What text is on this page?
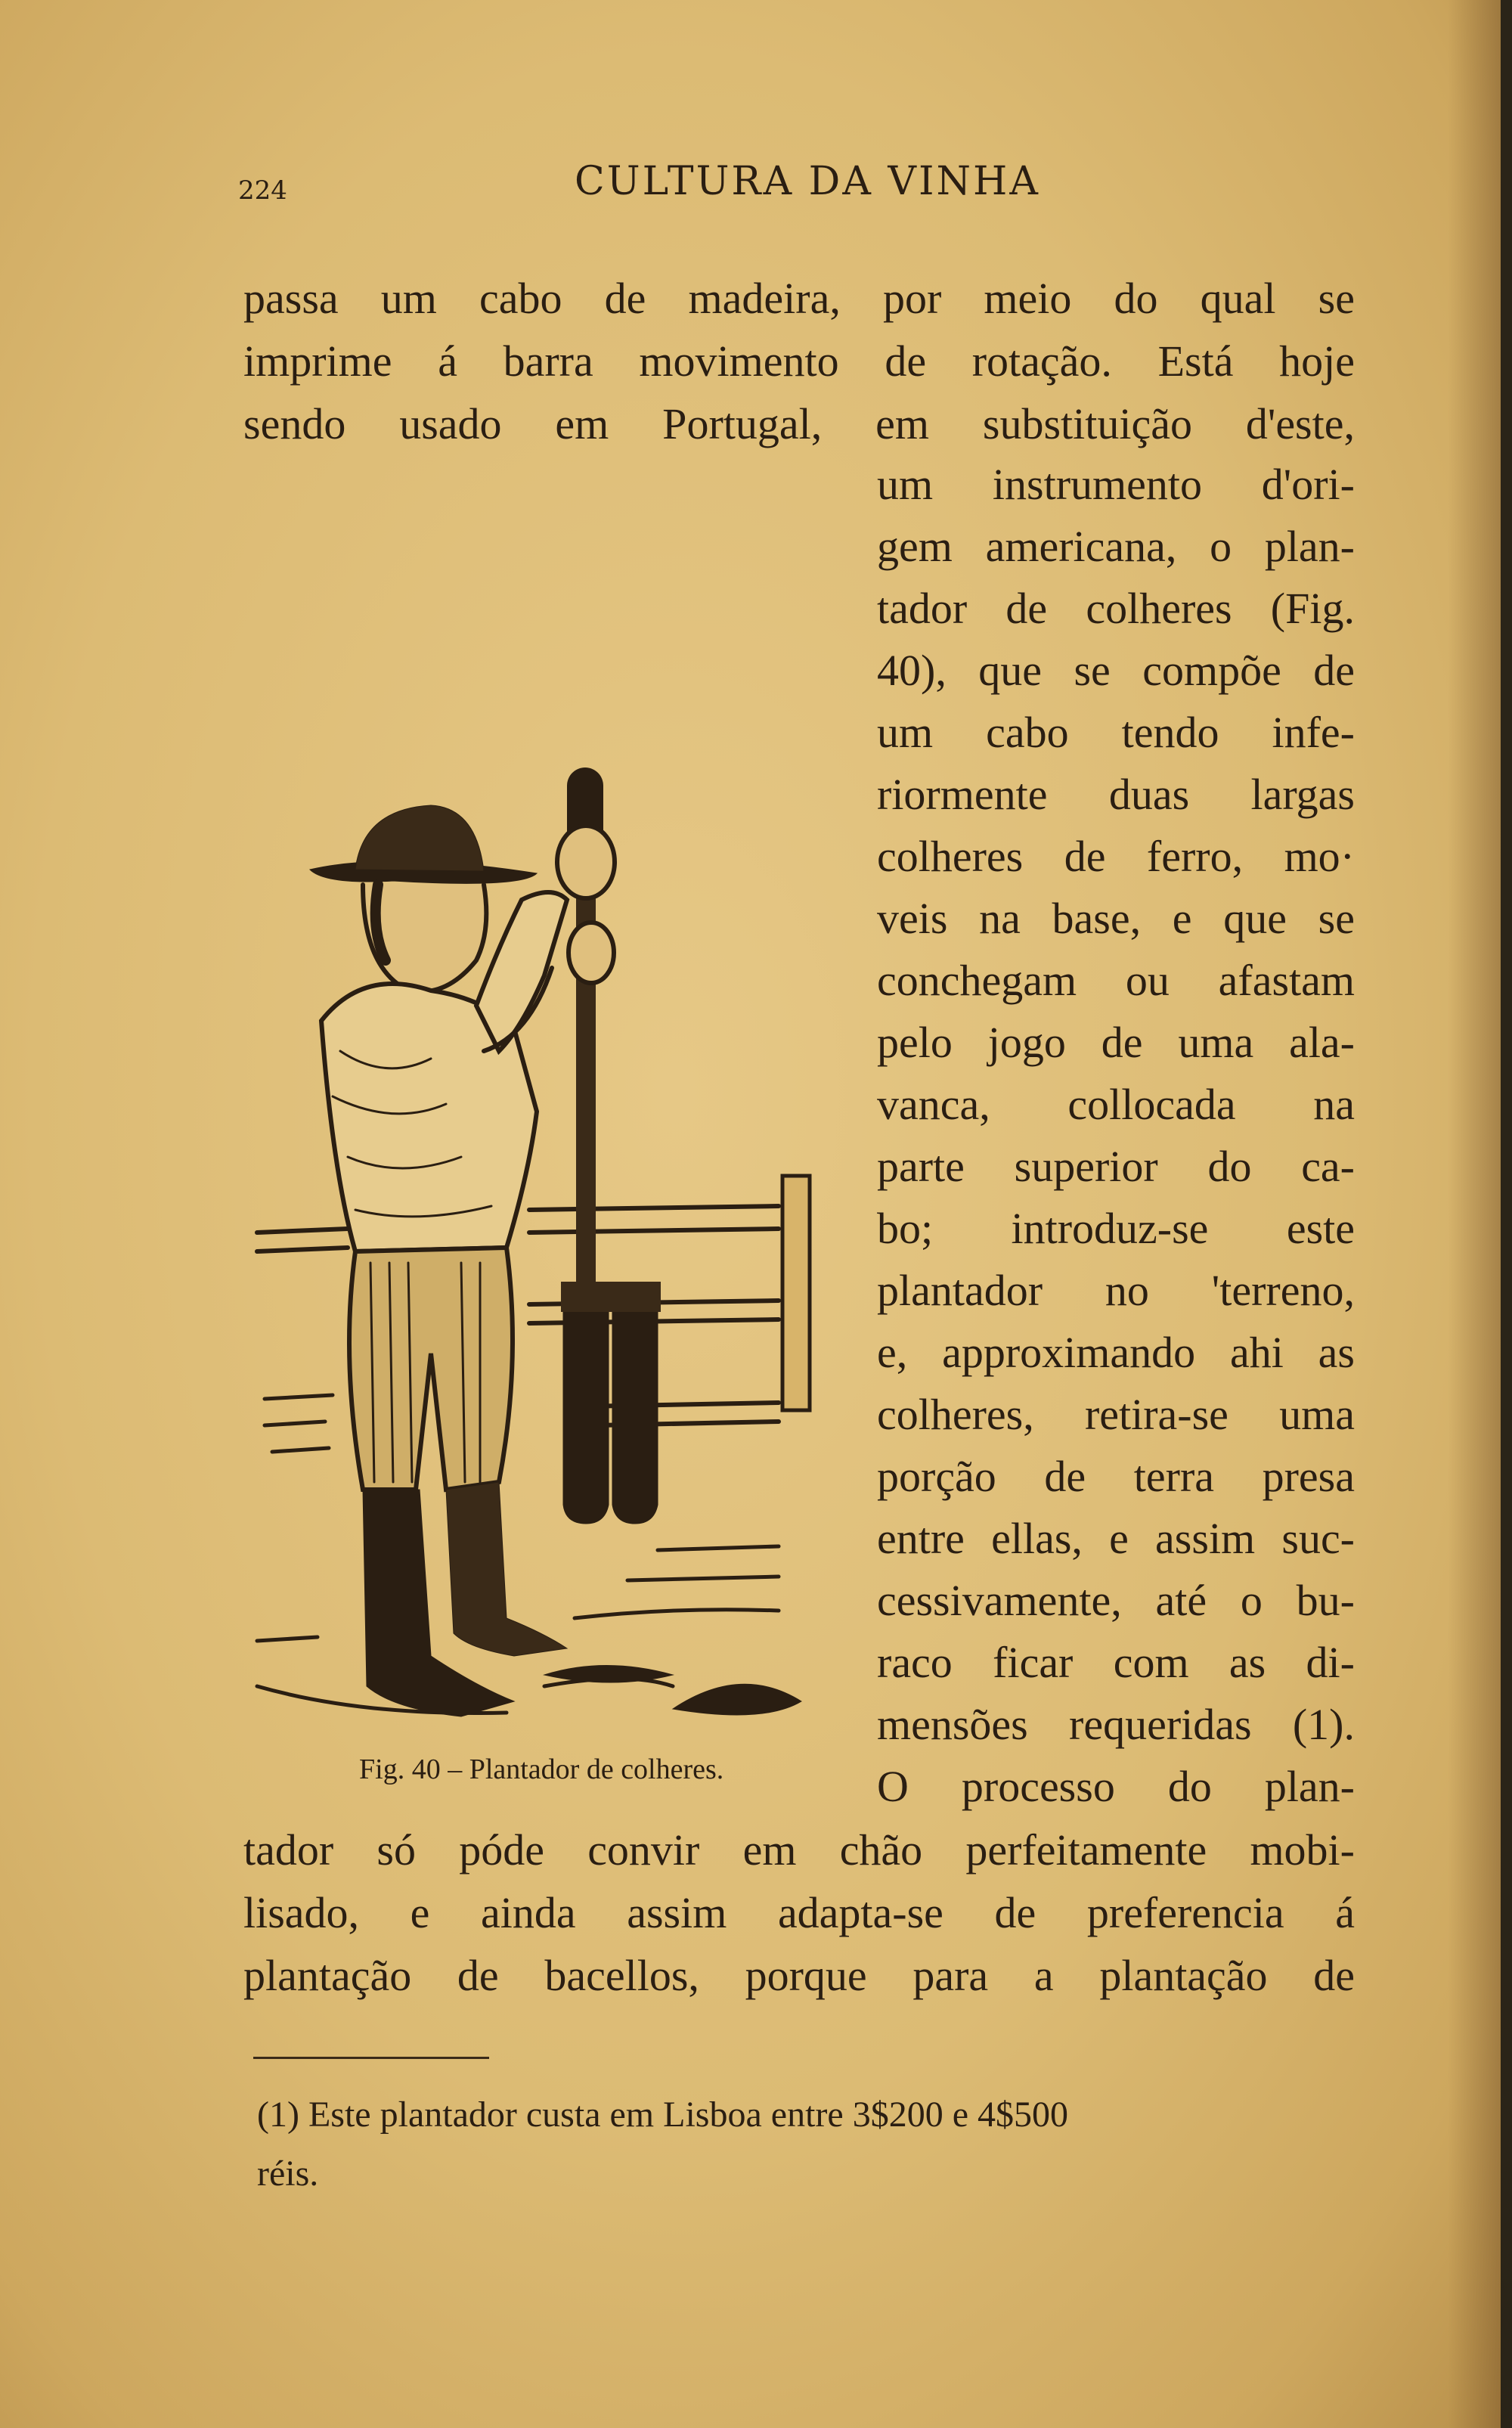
224	CULTURA DA VINHA
passa um cabo de madeira, por meio do qual se
imprime á barra movimento de rotação. Está hoje
sendo usado em Portugal, em substituição d'este,
um instrumento d'ori-
gem americana, o plan-
tador de colheres (Fig.
40), que se compõe de
um cabo tendo infe-
riormente duas largas
colheres de ferro, mo·
veis na base, e que se
conchegam ou afastam
pelo jogo de uma ala-
vanca, collocada na
parte superior do ca-
bo; introduz-se este
plantador no 'terreno,
e, approximando ahi as
colheres, retira-se uma
porção de terra presa
entre ellas, e assim suc-
cessivamente, até o bu-
raco ficar com as di-
mensões requeridas (1).
O processo do plan-
tador só póde convir em chão perfeitamente mobi-
lisado, e ainda assim adapta-se de preferencia á
plantação de bacellos, porque para a plantação de
Fig. 40 – Plantador de colheres.
(1) Este plantador custa em Lisboa entre 3$200 e 4$500
réis.
